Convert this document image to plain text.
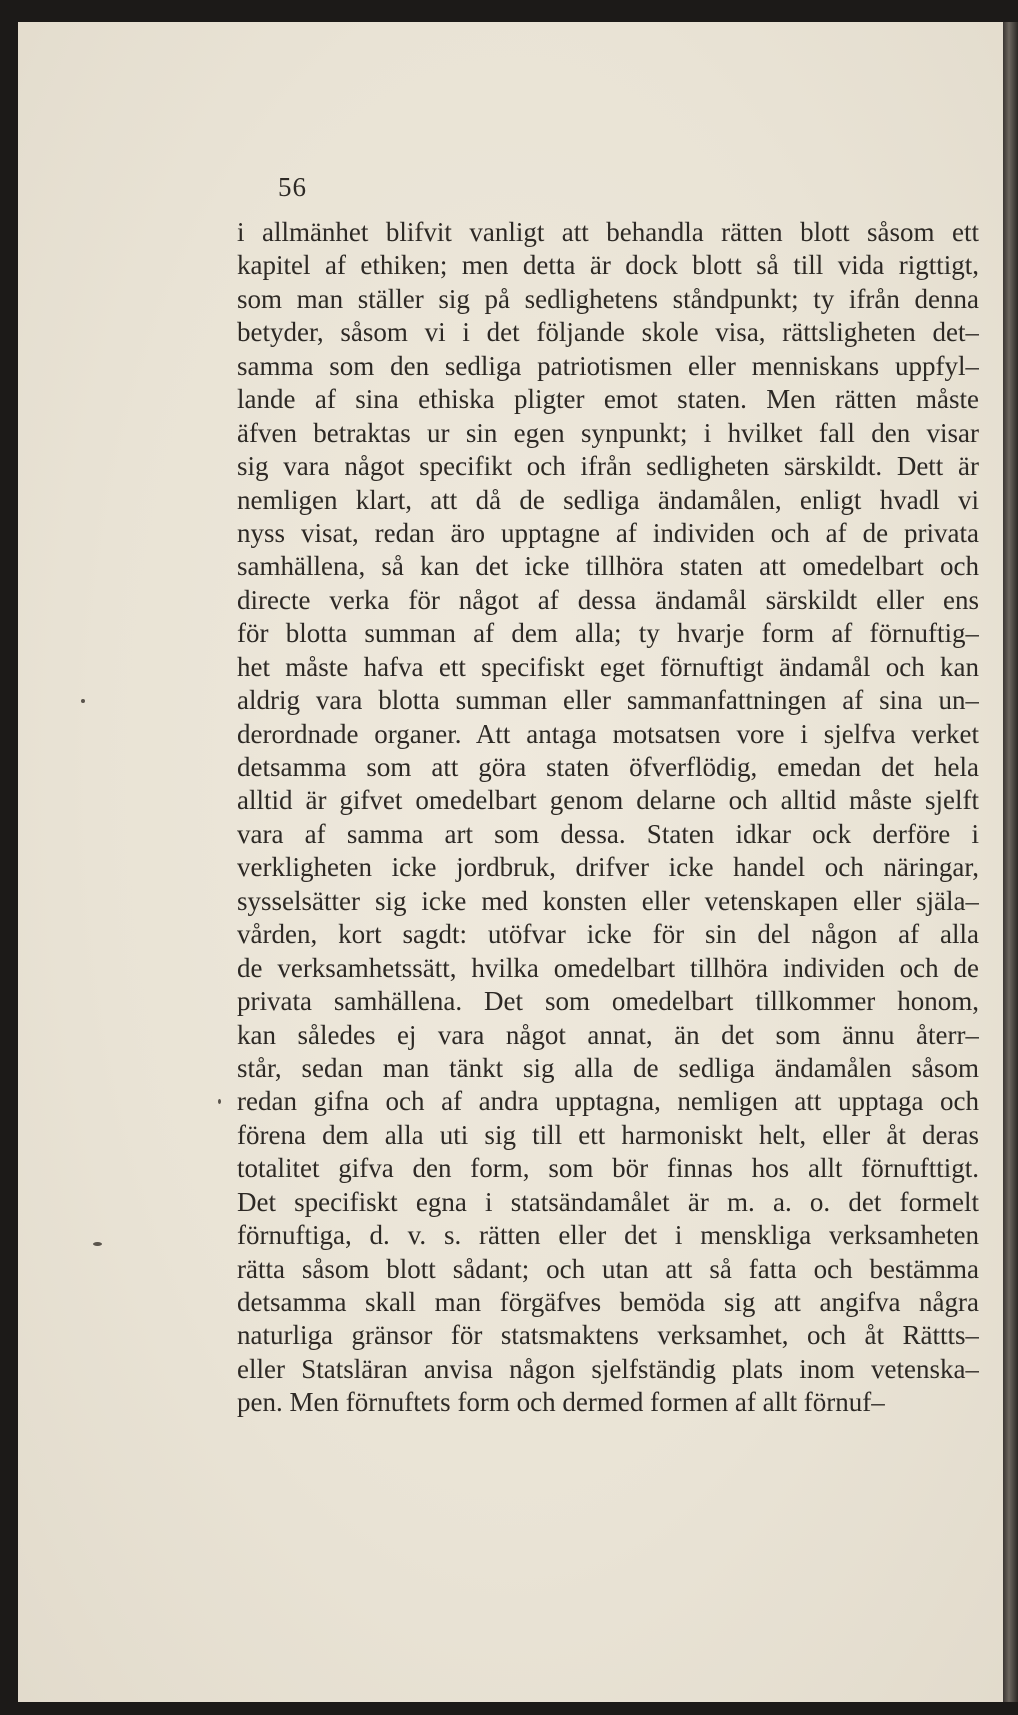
56

i allmänhet blifvit vanligt att behandla rätten blott såsom ett
kapitel af ethiken; men detta är dock blott så till vida rigttigt,
som man ställer sig på sedlighetens ståndpunkt; ty ifrån denna
betyder, såsom vi i det följande skole visa, rättsligheten det–
samma som den sedliga patriotismen eller menniskans uppfyl–
lande af sina ethiska pligter emot staten. Men rätten måste
äfven betraktas ur sin egen synpunkt; i hvilket fall den visar
sig vara något specifikt och ifrån sedligheten särskildt. Dett är
nemligen klart, att då de sedliga ändamålen, enligt hvadl vi
nyss visat, redan äro upptagne af individen och af de privata
samhällena, så kan det icke tillhöra staten att omedelbart och
directe verka för något af dessa ändamål särskildt eller ens
för blotta summan af dem alla; ty hvarje form af förnuftig–
het måste hafva ett specifiskt eget förnuftigt ändamål och kan
aldrig vara blotta summan eller sammanfattningen af sina un–
derordnade organer. Att antaga motsatsen vore i sjelfva verket
detsamma som att göra staten öfverflödig, emedan det hela
alltid är gifvet omedelbart genom delarne och alltid måste sjelft
vara af samma art som dessa. Staten idkar ock derföre i
verkligheten icke jordbruk, drifver icke handel och näringar,
sysselsätter sig icke med konsten eller vetenskapen eller själa–
vården, kort sagdt: utöfvar icke för sin del någon af alla
de verksamhetssätt, hvilka omedelbart tillhöra individen och de
privata samhällena. Det som omedelbart tillkommer honom,
kan således ej vara något annat, än det som ännu återr–
står, sedan man tänkt sig alla de sedliga ändamålen såsom
redan gifna och af andra upptagna, nemligen att upptaga och
förena dem alla uti sig till ett harmoniskt helt, eller åt deras
totalitet gifva den form, som bör finnas hos allt förnufttigt.
Det specifiskt egna i statsändamålet är m. a. o. det formelt
förnuftiga, d. v. s. rätten eller det i menskliga verksamheten
rätta såsom blott sådant; och utan att så fatta och bestämma
detsamma skall man förgäfves bemöda sig att angifva några
naturliga gränsor för statsmaktens verksamhet, och åt Rättts–
eller Statsläran anvisa någon sjelfständig plats inom vetenska–
pen. Men förnuftets form och dermed formen af allt förnuf–
